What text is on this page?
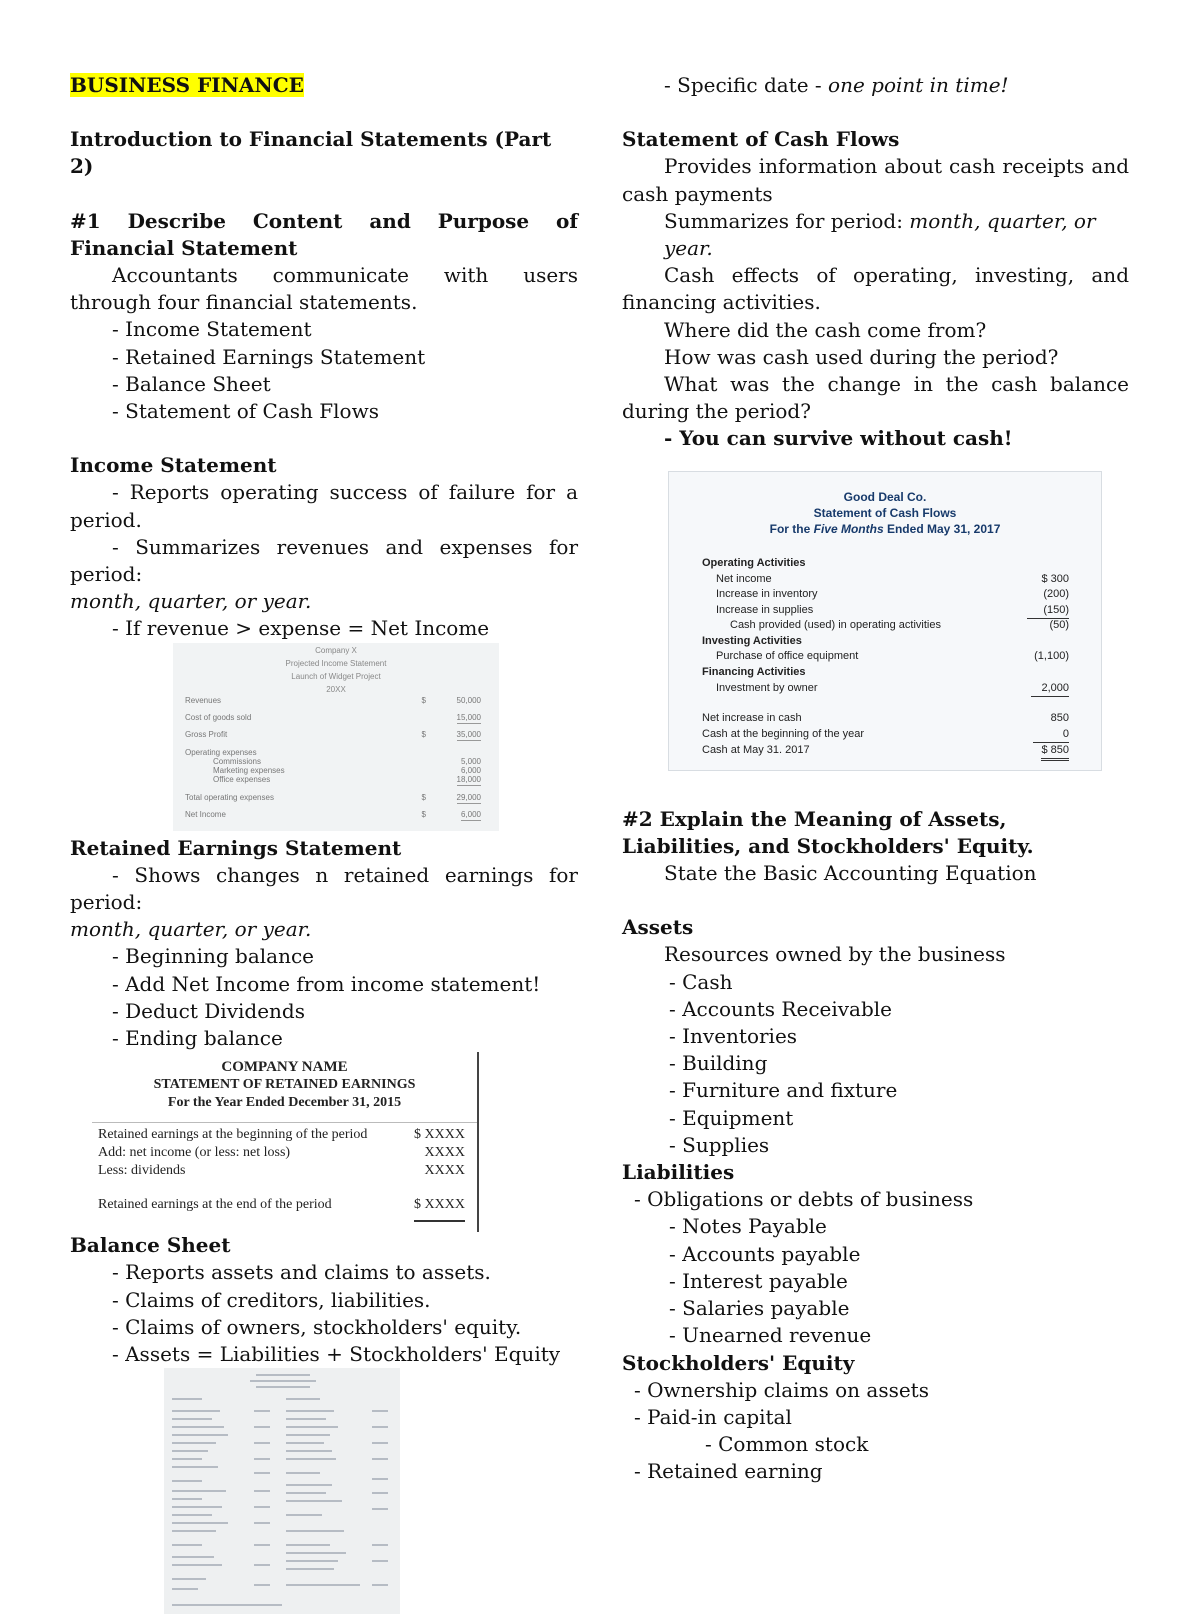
BUSINESS FINANCE

Introduction to Financial Statements (Part 2)

#1 Describe Content and Purpose of Financial Statement

Accountants communicate with users through four financial statements.

- Income Statement

- Retained Earnings Statement

- Balance Sheet

- Statement of Cash Flows

Income Statement

- Reports operating success of failure for a period.

- Summarizes revenues and expenses for period:

month, quarter, or year.

- If revenue > expense = Net Income

Company X
Projected Income Statement
Launch of Widget Project
20XX
Revenues	$	50,000
Cost of goods sold	15,000
Gross Profit	$	35,000
Operating expenses
Commissions	5,000
Marketing expenses	6,000
Office expenses	18,000
Total operating expenses	$	29,000
Net Income	$	6,000

Retained Earnings Statement

- Shows changes n retained earnings for period:

month, quarter, or year.

- Beginning balance

- Add Net Income from income statement!

- Deduct Dividends

- Ending balance

COMPANY NAME
STATEMENT OF RETAINED EARNINGS
For the Year Ended December 31, 2015
Retained earnings at the beginning of the period	$ XXXX
Add: net income (or less: net loss)	XXXX
Less: dividends	XXXX
Retained earnings at the end of the period	$ XXXX

Balance Sheet

- Reports assets and claims to assets.

- Claims of creditors, liabilities.

- Claims of owners, stockholders' equity.

- Assets = Liabilities + Stockholders' Equity

- Specific date - one point in time!

Statement of Cash Flows

Provides information about cash receipts and cash payments

Summarizes for period: month, quarter, or year.

Cash effects of operating, investing, and financing activities.

Where did the cash come from?

How was cash used during the period?

What was the change in the cash balance during the period?

- You can survive without cash!

Good Deal Co.
Statement of Cash Flows
For the Five Months Ended May 31, 2017
Operating Activities
Net income	$ 300
Increase in inventory	(200)
Increase in supplies	(150)
Cash provided (used) in operating activities	(50)
Investing Activities
Purchase of office equipment	(1,100)
Financing Activities
Investment by owner	2,000
Net increase in cash	850
Cash at the beginning of the year	0
Cash at May 31. 2017	$ 850

#2 Explain the Meaning of Assets, Liabilities, and Stockholders' Equity.

State the Basic Accounting Equation

Assets

Resources owned by the business

- Cash

- Accounts Receivable

- Inventories

- Building

- Furniture and fixture

- Equipment

- Supplies

Liabilities

- Obligations or debts of business

- Notes Payable

- Accounts payable

- Interest payable

- Salaries payable

- Unearned revenue

Stockholders' Equity

- Ownership claims on assets

- Paid-in capital

- Common stock

- Retained earning
